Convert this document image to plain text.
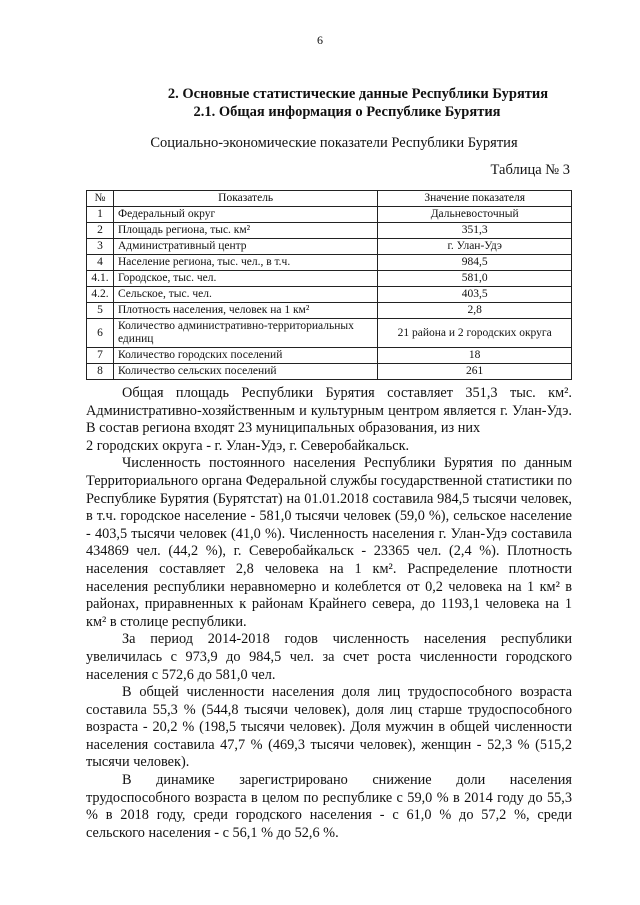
6
2. Основные статистические данные Республики Бурятия
2.1. Общая информация о Республике Бурятия
Социально-экономические показатели Республики Бурятия
Таблица № 3
№	Показатель	Значение показателя
1	Федеральный округ	Дальневосточный
2	Площадь региона, тыс. км²	351,3
3	Административный центр	г. Улан-Удэ
4	Население региона, тыс. чел., в т.ч.	984,5
4.1.	Городское, тыс. чел.	581,0
4.2.	Сельское, тыс. чел.	403,5
5	Плотность населения, человек на 1 км²	2,8
6	Количество административно-территориальных единиц	21 района и 2 городских округа
7	Количество городских поселений	18
8	Количество сельских поселений	261

Общая площадь Республики Бурятия составляет 351,3 тыс. км². Административно-хозяйственным и культурным центром является г. Улан-Удэ. В состав региона входят 23 муниципальных образования, из них

2 городских округа - г. Улан-Удэ, г. Северобайкальск.

Численность постоянного населения Республики Бурятия по данным Территориального органа Федеральной службы государственной статистики по Республике Бурятия (Бурятстат) на 01.01.2018 составила 984,5 тысячи человек, в т.ч. городское население - 581,0 тысячи человек (59,0 %), сельское население - 403,5 тысячи человек (41,0 %). Численность населения г. Улан-Удэ составила 434869 чел. (44,2 %), г. Северобайкальск - 23365 чел. (2,4 %). Плотность населения составляет 2,8 человека на 1 км². Распределение плотности населения республики неравномерно и колеблется от 0,2 человека на 1 км² в районах, приравненных к районам Крайнего севера, до 1193,1 человека на 1 км² в столице республики.

За период 2014-2018 годов численность населения республики увеличилась с 973,9 до 984,5 чел. за счет роста численности городского населения с 572,6 до 581,0 чел.

В общей численности населения доля лиц трудоспособного возраста составила 55,3 % (544,8 тысячи человек), доля лиц старше трудоспособного возраста - 20,2 % (198,5 тысячи человек). Доля мужчин в общей численности населения составила 47,7 % (469,3 тысячи человек), женщин - 52,3 % (515,2 тысячи человек).

В динамике зарегистрировано снижение доли населения трудоспособного возраста в целом по республике с 59,0 % в 2014 году до 55,3 % в 2018 году, среди городского населения - с 61,0 % до 57,2 %, среди сельского населения - с 56,1 % до 52,6 %.
